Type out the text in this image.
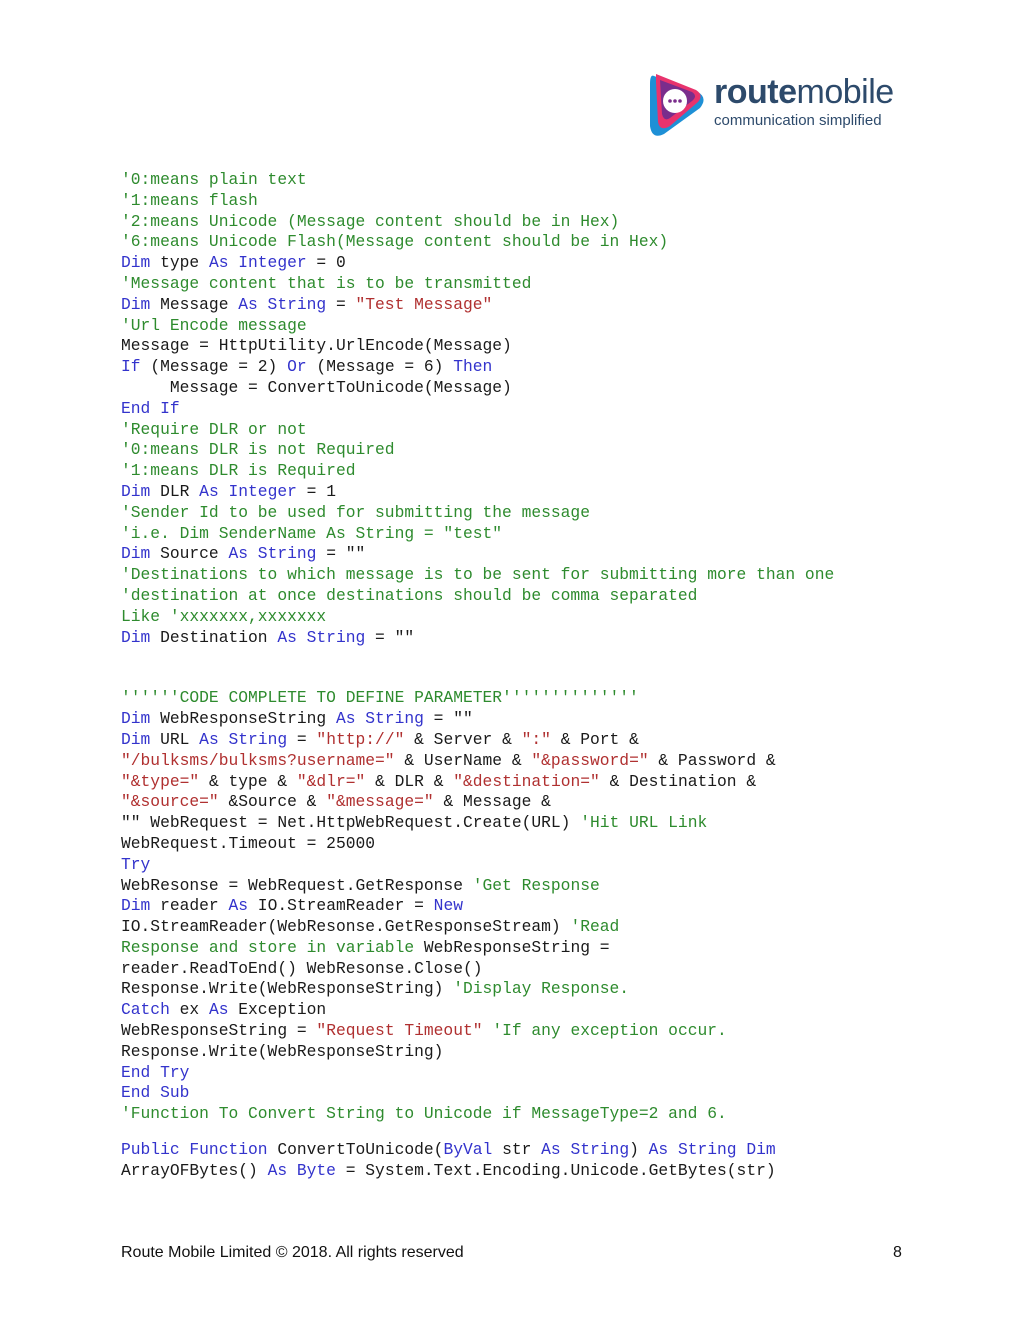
routemobile
communication simplified
'0:means plain text
'1:means flash
'2:means Unicode (Message content should be in Hex)
'6:means Unicode Flash(Message content should be in Hex)
Dim type As Integer = 0
'Message content that is to be transmitted
Dim Message As String = "Test Message"
'Url Encode message
Message = HttpUtility.UrlEncode(Message)
If (Message = 2) Or (Message = 6) Then
Message = ConvertToUnicode(Message)
End If
'Require DLR or not
'0:means DLR is not Required
'1:means DLR is Required
Dim DLR As Integer = 1
'Sender Id to be used for submitting the message
'i.e. Dim SenderName As String = "test"
Dim Source As String = ""
'Destinations to which message is to be sent for submitting more than one
'destination at once destinations should be comma separated
Like 'xxxxxxx,xxxxxxx
Dim Destination As String = ""
''''''CODE COMPLETE TO DEFINE PARAMETER''''''''''''''
Dim WebResponseString As String = ""
Dim URL As String = "http://" & Server & ":" & Port &
"/bulksms/bulksms?username=" & UserName & "&password=" & Password &
"&type=" & type & "&dlr=" & DLR & "&destination=" & Destination &
"&source=" &Source & "&message=" & Message &
"" WebRequest = Net.HttpWebRequest.Create(URL) 'Hit URL Link
WebRequest.Timeout = 25000
Try
WebResonse = WebRequest.GetResponse 'Get Response
Dim reader As IO.StreamReader = New
IO.StreamReader(WebResonse.GetResponseStream) 'Read
Response and store in variable WebResponseString =
reader.ReadToEnd() WebResonse.Close()
Response.Write(WebResponseString) 'Display Response.
Catch ex As Exception
WebResponseString = "Request Timeout" 'If any exception occur.
Response.Write(WebResponseString)
End Try
End Sub
'Function To Convert String to Unicode if MessageType=2 and 6.
Public Function ConvertToUnicode(ByVal str As String) As String Dim
ArrayOFBytes() As Byte = System.Text.Encoding.Unicode.GetBytes(str)
Route Mobile Limited © 2018. All rights reserved	8
